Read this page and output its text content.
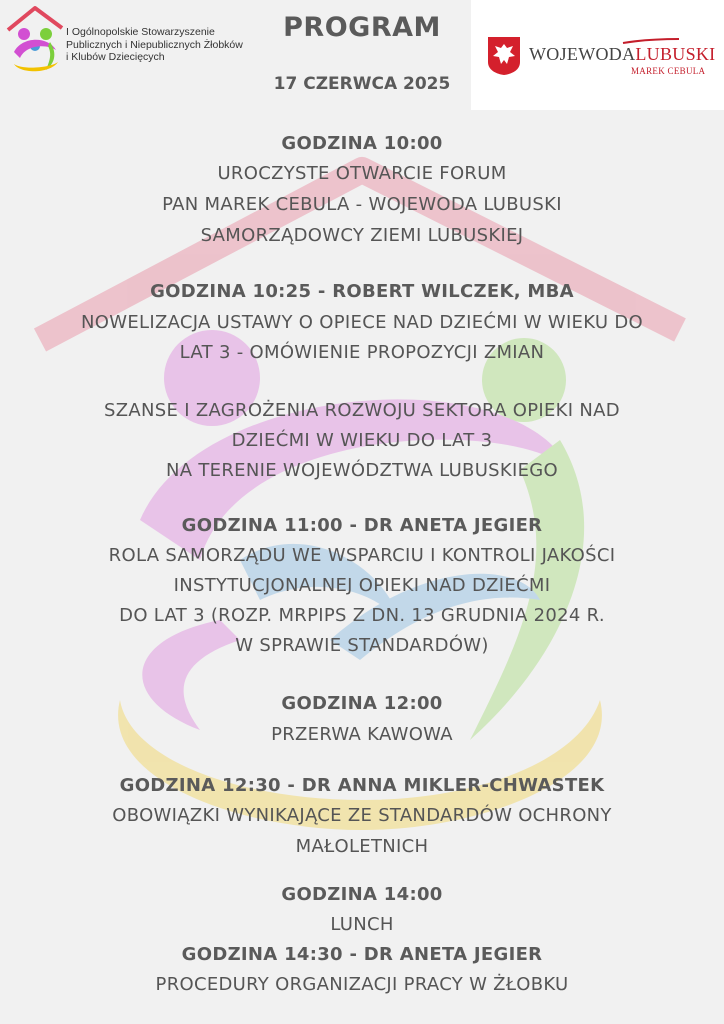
I Ogólnopolskie Stowarzyszenie
Publicznych i Niepublicznych Żłobków
i Klubów Dziecięcych
PROGRAM
17 CZERWCA 2025
WOJEWODALUBUSKI
MAREK CEBULA
GODZINA 10:00
UROCZYSTE OTWARCIE FORUM
PAN MAREK CEBULA - WOJEWODA LUBUSKI
SAMORZĄDOWCY ZIEMI LUBUSKIEJ
GODZINA 10:25 - ROBERT WILCZEK, MBA
NOWELIZACJA USTAWY O OPIECE NAD DZIEĆMI W WIEKU DO
LAT 3 - OMÓWIENIE PROPOZYCJI ZMIAN
SZANSE I ZAGROŻENIA ROZWOJU SEKTORA OPIEKI NAD
DZIEĆMI W WIEKU DO LAT 3
NA TERENIE WOJEWÓDZTWA LUBUSKIEGO
GODZINA 11:00 - DR ANETA JEGIER
ROLA SAMORZĄDU WE WSPARCIU I KONTROLI JAKOŚCI
INSTYTUCJONALNEJ OPIEKI NAD DZIEĆMI
DO LAT 3 (ROZP. MRPIPS Z DN. 13 GRUDNIA 2024 R.
W SPRAWIE STANDARDÓW)
GODZINA 12:00
PRZERWA KAWOWA
GODZINA 12:30 - DR ANNA MIKLER-CHWASTEK
OBOWIĄZKI WYNIKAJĄCE ZE STANDARDÓW OCHRONY
MAŁOLETNICH
GODZINA 14:00
LUNCH
GODZINA 14:30 - DR ANETA JEGIER
PROCEDURY ORGANIZACJI PRACY W ŻŁOBKU
